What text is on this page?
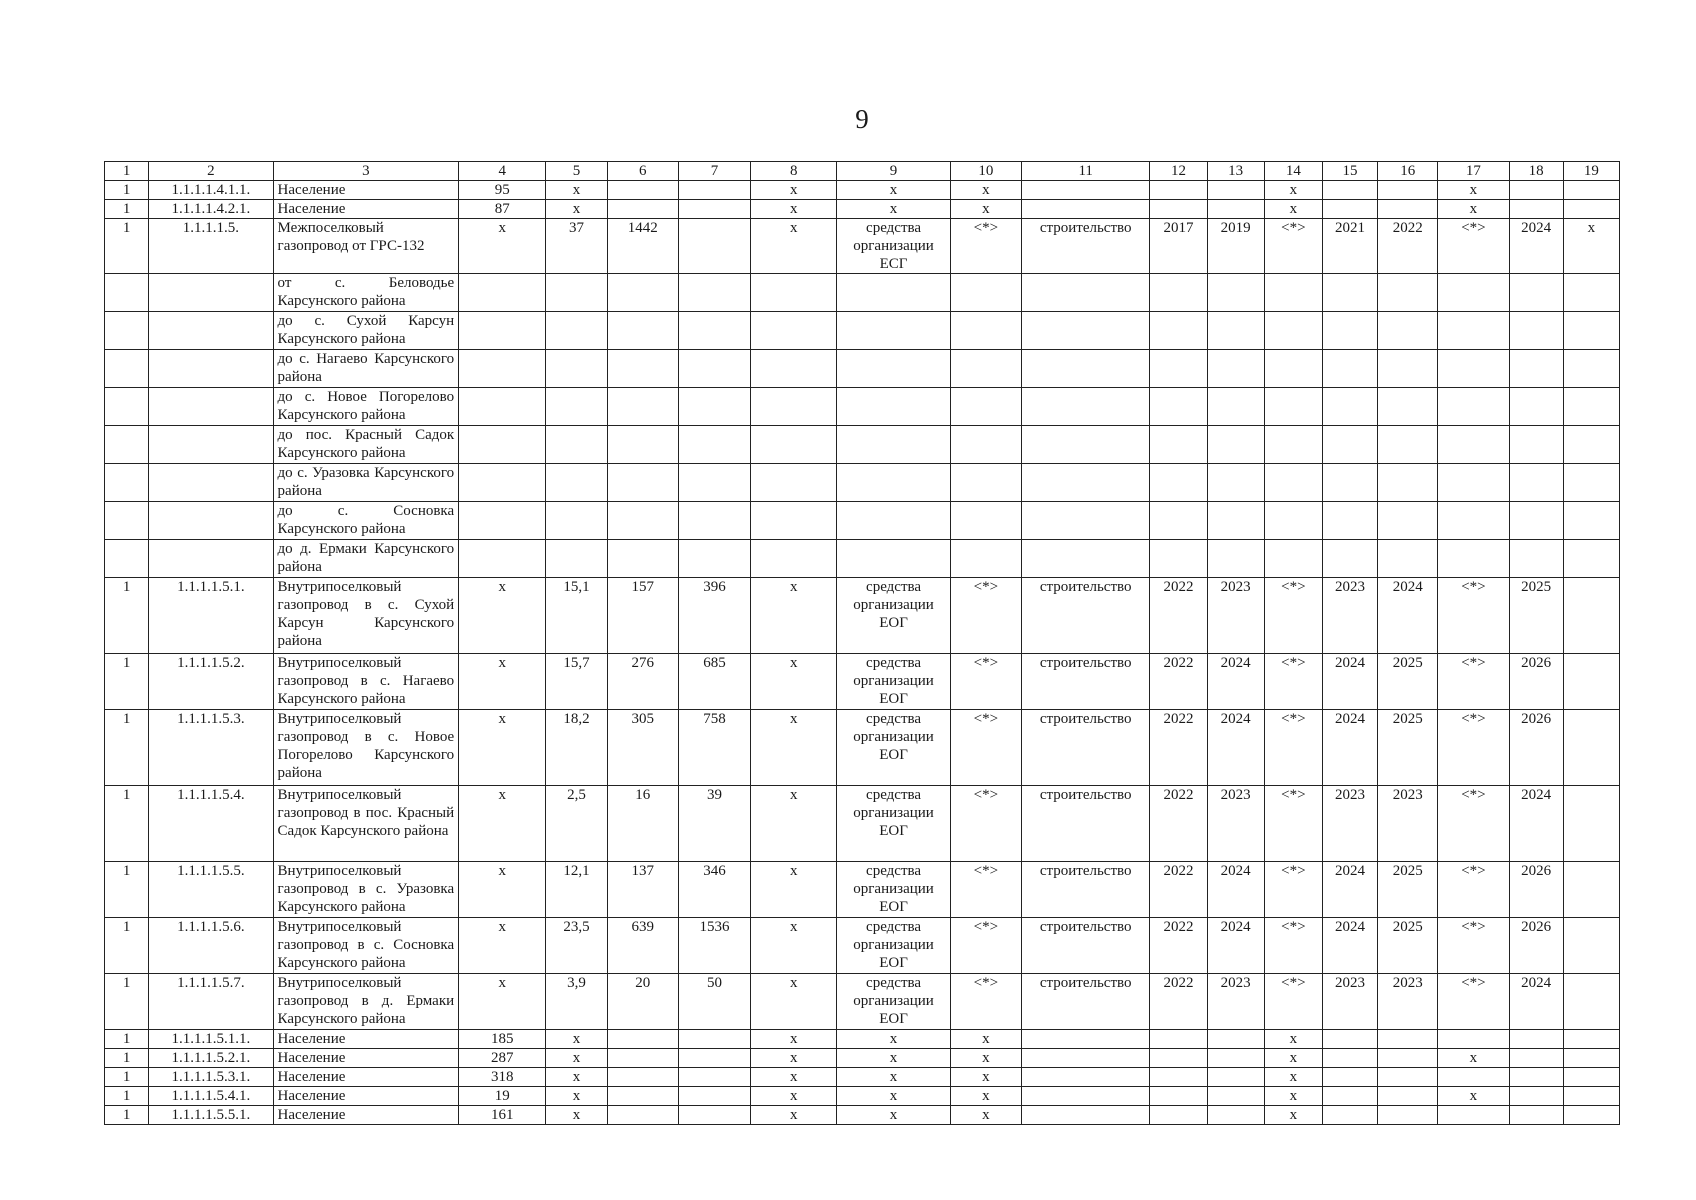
9
1	2	3	4	5	6	7	8	9	10	11	12	13	14	15	16	17	18	19
1	1.1.1.1.4.1.1.	Население	95	x			x	x	x				x			x		
1	1.1.1.1.4.2.1.	Население	87	x			x	x	x				x			x		
1	1.1.1.1.5.	Межпоселковый газопровод от ГРС-132	x	37	1442		x	средства организации ЕСГ	<*>	строительство	2017	2019	<*>	2021	2022	<*>	2024	x
		от с. Беловодье Карсунского района																
		до с. Сухой Карсун Карсунского района																
		до с. Нагаево Карсунского района																
		до с. Новое Погорелово Карсунского района																
		до пос. Красный Садок Карсунского района																
		до с. Уразовка Карсунского района																
		до с. Сосновка Карсунского района																
		до д. Ермаки Карсунского района																
1	1.1.1.1.5.1.	Внутрипоселковый газопровод в с. Сухой Карсун Карсунского района	x	15,1	157	396	x	средства организации ЕОГ	<*>	строительство	2022	2023	<*>	2023	2024	<*>	2025	
1	1.1.1.1.5.2.	Внутрипоселковый газопровод в с. Нагаево Карсунского района	x	15,7	276	685	x	средства организации ЕОГ	<*>	строительство	2022	2024	<*>	2024	2025	<*>	2026	
1	1.1.1.1.5.3.	Внутрипоселковый газопровод в с. Новое Погорелово Карсунского района	x	18,2	305	758	x	средства организации ЕОГ	<*>	строительство	2022	2024	<*>	2024	2025	<*>	2026	
1	1.1.1.1.5.4.	Внутрипоселковый газопровод в пос. Красный Садок Карсунского района	x	2,5	16	39	x	средства организации ЕОГ	<*>	строительство	2022	2023	<*>	2023	2023	<*>	2024	
1	1.1.1.1.5.5.	Внутрипоселковый газопровод в с. Уразовка Карсунского района	x	12,1	137	346	x	средства организации ЕОГ	<*>	строительство	2022	2024	<*>	2024	2025	<*>	2026	
1	1.1.1.1.5.6.	Внутрипоселковый газопровод в с. Сосновка Карсунского района	x	23,5	639	1536	x	средства организации ЕОГ	<*>	строительство	2022	2024	<*>	2024	2025	<*>	2026	
1	1.1.1.1.5.7.	Внутрипоселковый газопровод в д. Ермаки Карсунского района	x	3,9	20	50	x	средства организации ЕОГ	<*>	строительство	2022	2023	<*>	2023	2023	<*>	2024	
1	1.1.1.1.5.1.1.	Население	185	x			x	x	x				x					
1	1.1.1.1.5.2.1.	Население	287	x			x	x	x				x			x		
1	1.1.1.1.5.3.1.	Население	318	x			x	x	x				x					
1	1.1.1.1.5.4.1.	Население	19	x			x	x	x				x			x		
1	1.1.1.1.5.5.1.	Население	161	x			x	x	x				x					
